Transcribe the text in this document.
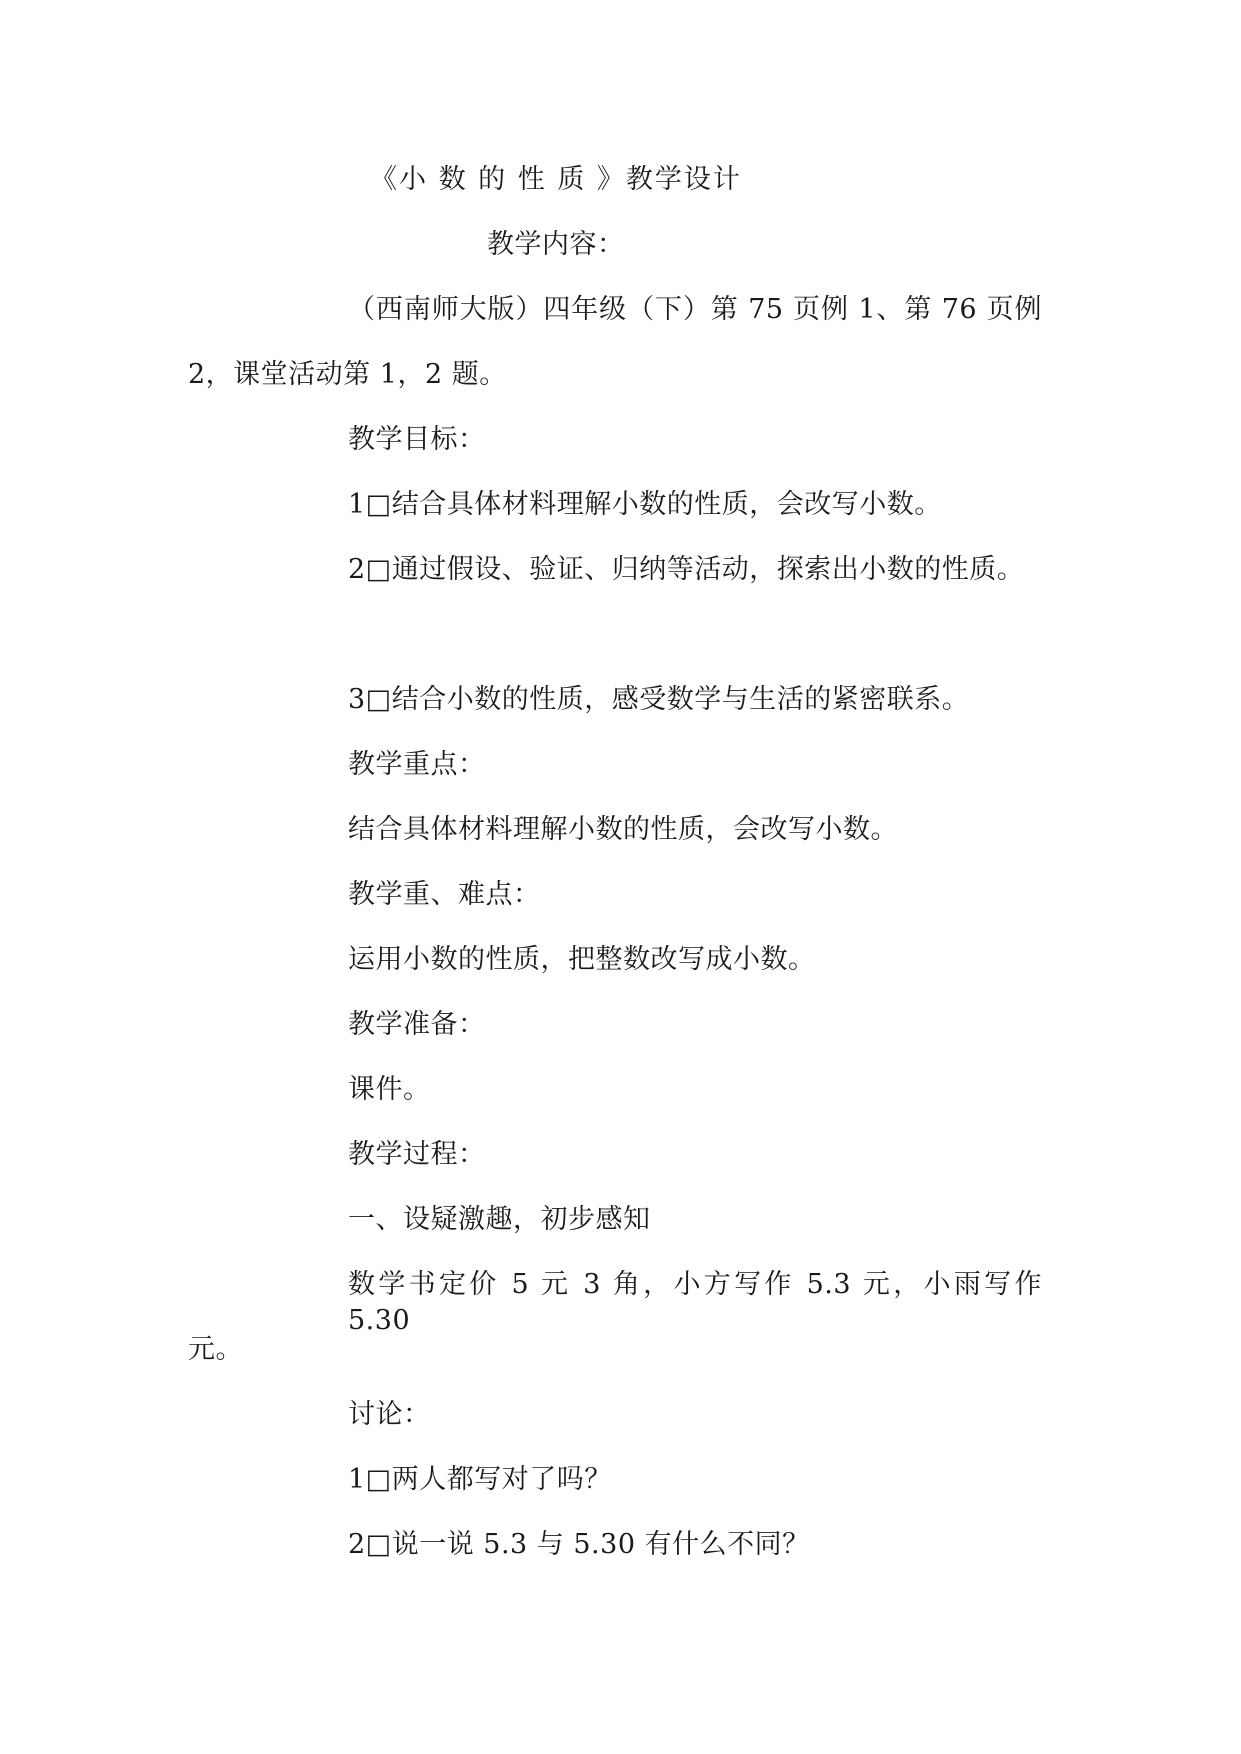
《小 数 的 性 质 》教学设计
教学内容：
（西南师大版）四年级（下）第 75 页例 1、第 76 页例
2，课堂活动第 1，2 题。
教学目标：
1□结合具体材料理解小数的性质，会改写小数。
2□通过假设、验证、归纳等活动，探索出小数的性质。
3□结合小数的性质，感受数学与生活的紧密联系。
教学重点：
结合具体材料理解小数的性质，会改写小数。
教学重、难点：
运用小数的性质，把整数改写成小数。
教学准备：
课件。
教学过程：
一、设疑激趣，初步感知
数学书定价 5 元 3 角，小方写作 5.3 元，小雨写作 5.30
元。
讨论：
1□两人都写对了吗？
2□说一说 5.3 与 5.30 有什么不同？
